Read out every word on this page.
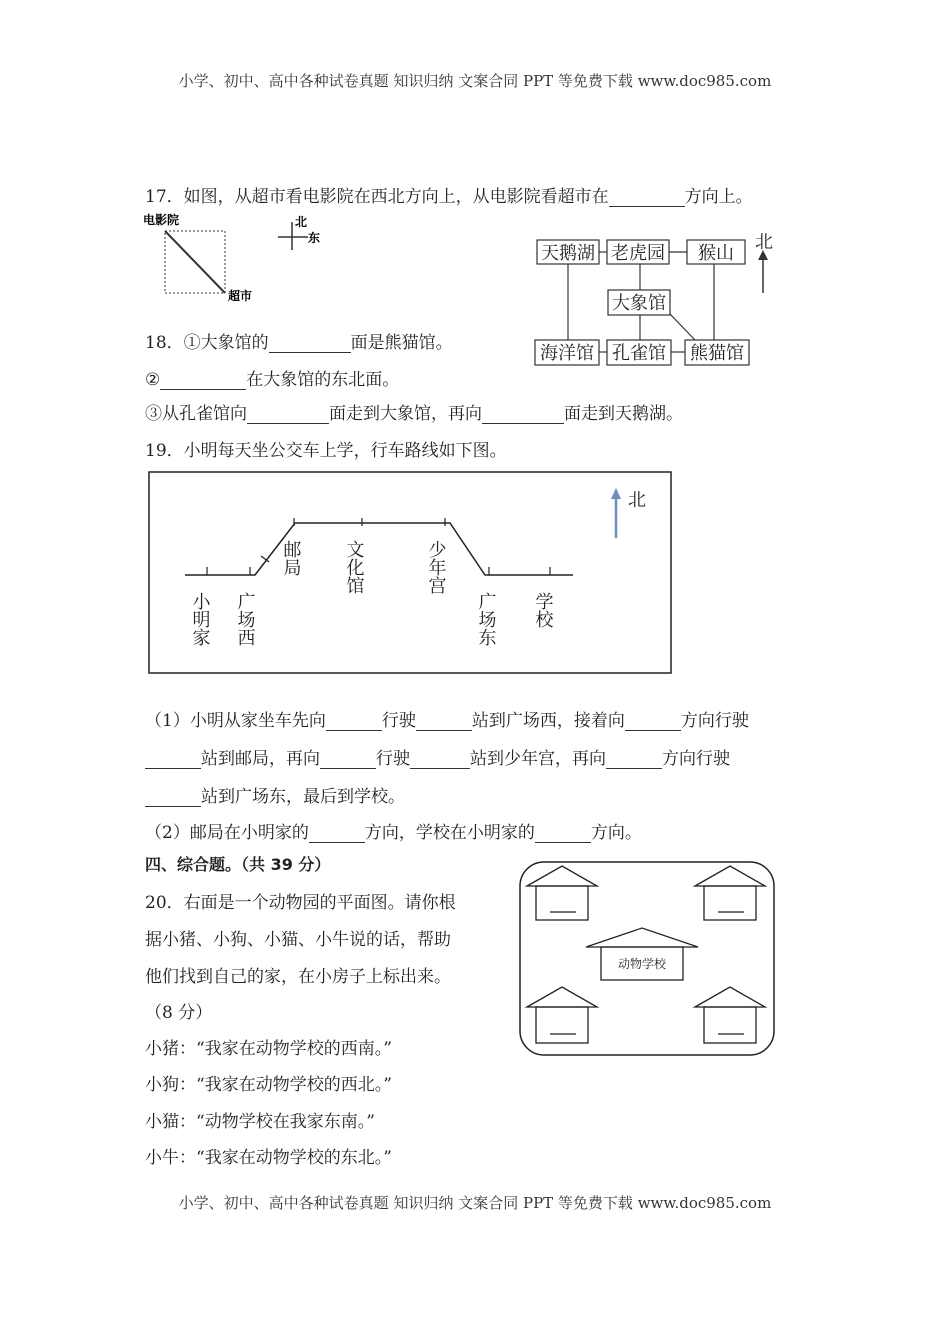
小学、初中、高中各种试卷真题 知识归纳 文案合同 PPT 等免费下载 www.doc985.com
17．如图，从超市看电影院在西北方向上，从电影院看超市在	方向上。
电影院
超市
北
东
天鹅湖 老虎园 猴山
大象馆
海洋馆 孔雀馆 熊猫馆
北
18．①大象馆的	面是熊猫馆。
②	在大象馆的东北面。
③从孔雀馆向	面走到大象馆，再向	面走到天鹅湖。
19．小明每天坐公交车上学，行车路线如下图。
北
小明家 广场西
邮局 文化馆	少年宫
广场东 学校
（1）小明从家坐车先向	行驶	站到广场西，接着向	方向行驶
站到邮局，再向	行驶	站到少年宫，再向	方向行驶
站到广场东，最后到学校。
（2）邮局在小明家的	方向，学校在小明家的	方向。
四、综合题。（共 39 分）
20．右面是一个动物园的平面图。请你根
据小猪、小狗、小猫、小牛说的话，帮助
他们找到自己的家，在小房子上标出来。
（8 分）
小猪：“我家在动物学校的西南。”
小狗：“我家在动物学校的西北。”
小猫：“动物学校在我家东南。”
小牛：“我家在动物学校的东北。”
动物学校
小学、初中、高中各种试卷真题 知识归纳 文案合同 PPT 等免费下载 www.doc985.com
